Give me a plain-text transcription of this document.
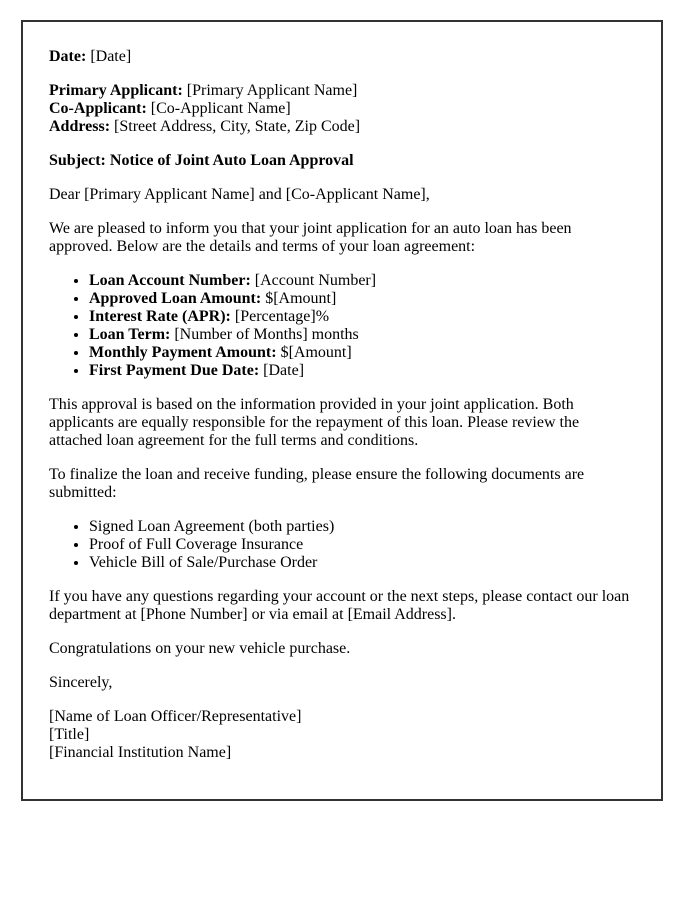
Date: [Date]

Primary Applicant: [Primary Applicant Name]
Co-Applicant: [Co-Applicant Name]
Address: [Street Address, City, State, Zip Code]

Subject: Notice of Joint Auto Loan Approval

Dear [Primary Applicant Name] and [Co-Applicant Name],

We are pleased to inform you that your joint application for an auto loan has been approved. Below are the details and terms of your loan agreement:

• Loan Account Number: [Account Number]
• Approved Loan Amount: $[Amount]
• Interest Rate (APR): [Percentage]%
• Loan Term: [Number of Months] months
• Monthly Payment Amount: $[Amount]
• First Payment Due Date: [Date]

This approval is based on the information provided in your joint application. Both applicants are equally responsible for the repayment of this loan. Please review the attached loan agreement for the full terms and conditions.

To finalize the loan and receive funding, please ensure the following documents are submitted:

• Signed Loan Agreement (both parties)
• Proof of Full Coverage Insurance
• Vehicle Bill of Sale/Purchase Order

If you have any questions regarding your account or the next steps, please contact our loan department at [Phone Number] or via email at [Email Address].

Congratulations on your new vehicle purchase.

Sincerely,

[Name of Loan Officer/Representative]
[Title]
[Financial Institution Name]
